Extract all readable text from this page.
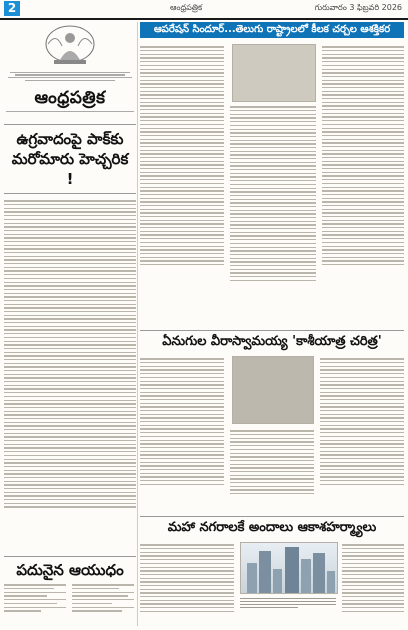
2	ఆంధ్రపత్రిక	గురువారం 3 ఫిబ్రవరి 2026
ఆంధ్రపత్రిక
ఉగ్రవాదంపై పాక్‌కు మరోమారు హెచ్చరిక !
పదునైన ఆయుధం
ఆపరేషన్ సిందూర్...తెలుగు రాష్ట్రాలలో కీలక చర్చల ఆశక్తికర
ఏనుగుల వీరాస్వామయ్య 'కాశీయాత్ర చరిత్ర'
మహా నగరాలకే అందాలు ఆకాశహర్మ్యాలు
